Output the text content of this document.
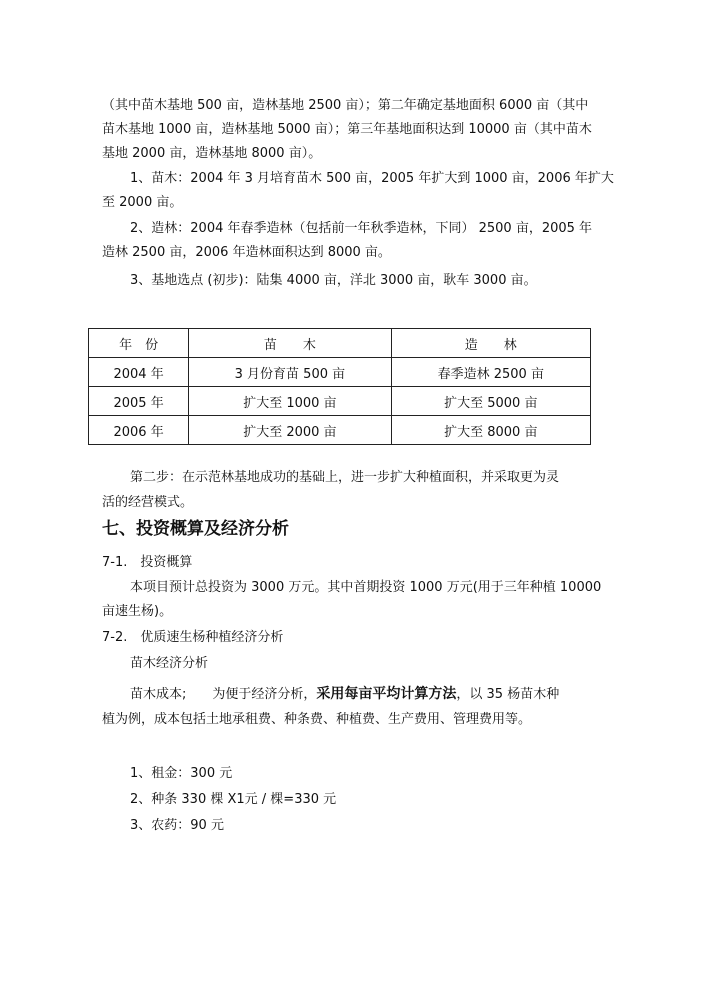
（其中苗木基地 500 亩，造林基地 2500 亩）；第二年确定基地面积 6000 亩（其中
苗木基地 1000 亩，造林基地 5000 亩）；第三年基地面积达到 10000 亩（其中苗木
基地 2000 亩，造林基地 8000 亩）。
1、苗木：2004 年 3 月培育苗木 500 亩，2005 年扩大到 1000 亩，2006 年扩大
至 2000 亩。
2、造林：2004 年春季造林（包括前一年秋季造林，下同） 2500 亩，2005 年
造林 2500 亩，2006 年造林面积达到 8000 亩。
3、基地选点 (初步)：陆集 4000 亩，洋北 3000 亩，耿车 3000 亩。
年　份	苗　　木	造　　林
2004 年	3 月份育苗 500 亩	春季造林 2500 亩
2005 年	扩大至 1000 亩	扩大至 5000 亩
2006 年	扩大至 2000 亩	扩大至 8000 亩
第二步：在示范林基地成功的基础上，进一步扩大种植面积，并采取更为灵
活的经营模式。
七、投资概算及经济分析
7-1.　投资概算
本项目预计总投资为 3000 万元。其中首期投资 1000 万元(用于三年种植 10000
亩速生杨)。
7-2.　优质速生杨种植经济分析
苗木经济分析
苗木成本;　　为便于经济分析，采用每亩平均计算方法，以 35 杨苗木种
植为例，成本包括土地承租费、种条费、种植费、生产费用、管理费用等。
1、租金：300 元
2、种条 330 棵 X1元 / 棵=330 元
3、农药：90 元
